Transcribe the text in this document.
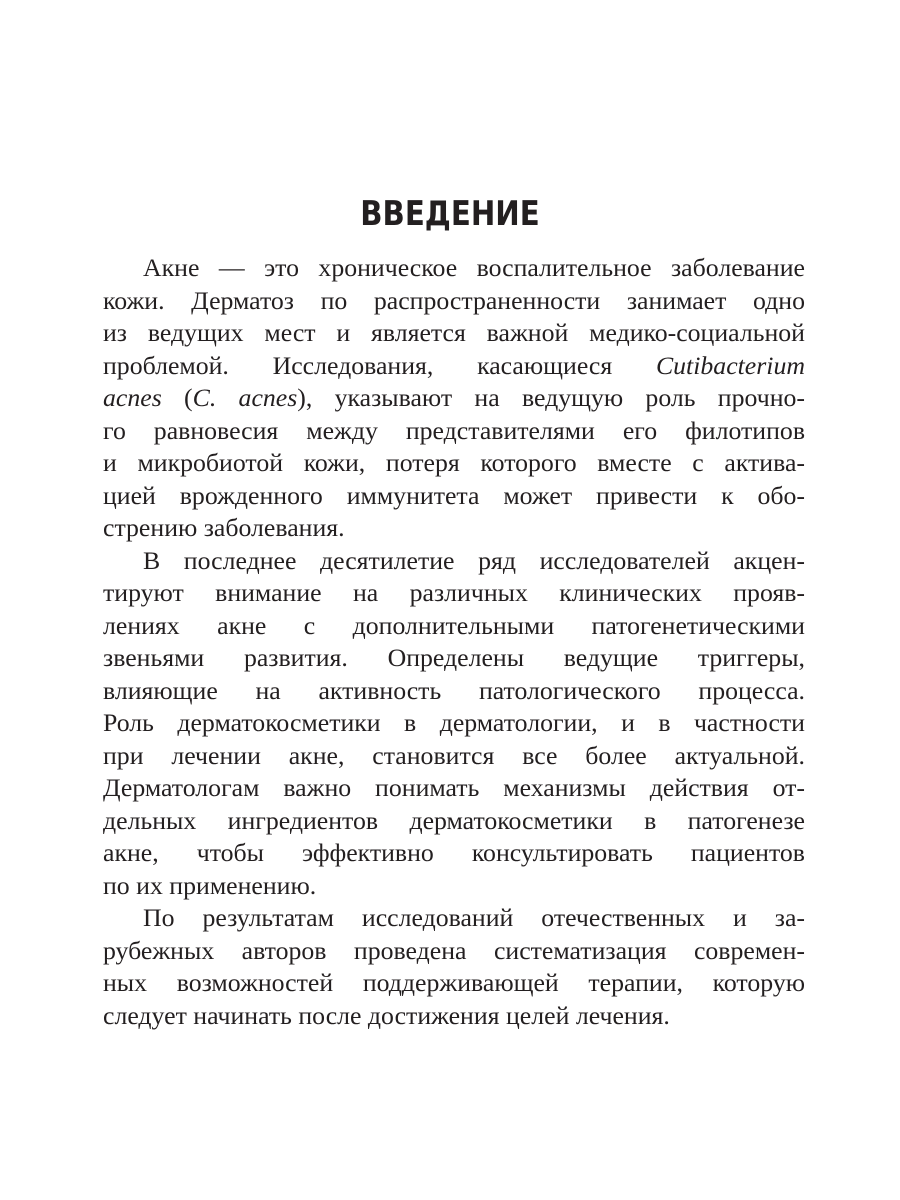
ВВЕДЕНИЕ
Акне — это хроническое воспалительное заболевание
кожи. Дерматоз по распространенности занимает одно
из ведущих мест и является важной медико-социальной
проблемой. Исследования, касающиеся Cutibacterium
acnes (C. acnes), указывают на ведущую роль прочно-
го равновесия между представителями его филотипов
и микробиотой кожи, потеря которого вместе с актива-
цией врожденного иммунитета может привести к обо-
стрению заболевания.
В последнее десятилетие ряд исследователей акцен-
тируют внимание на различных клинических прояв-
лениях акне с дополнительными патогенетическими
звеньями развития. Определены ведущие триггеры,
влияющие на активность патологического процесса.
Роль дерматокосметики в дерматологии, и в частности
при лечении акне, становится все более актуальной.
Дерматологам важно понимать механизмы действия от-
дельных ингредиентов дерматокосметики в патогенезе
акне, чтобы эффективно консультировать пациентов
по их применению.
По результатам исследований отечественных и за-
рубежных авторов проведена систематизация современ-
ных возможностей поддерживающей терапии, которую
следует начинать после достижения целей лечения.
